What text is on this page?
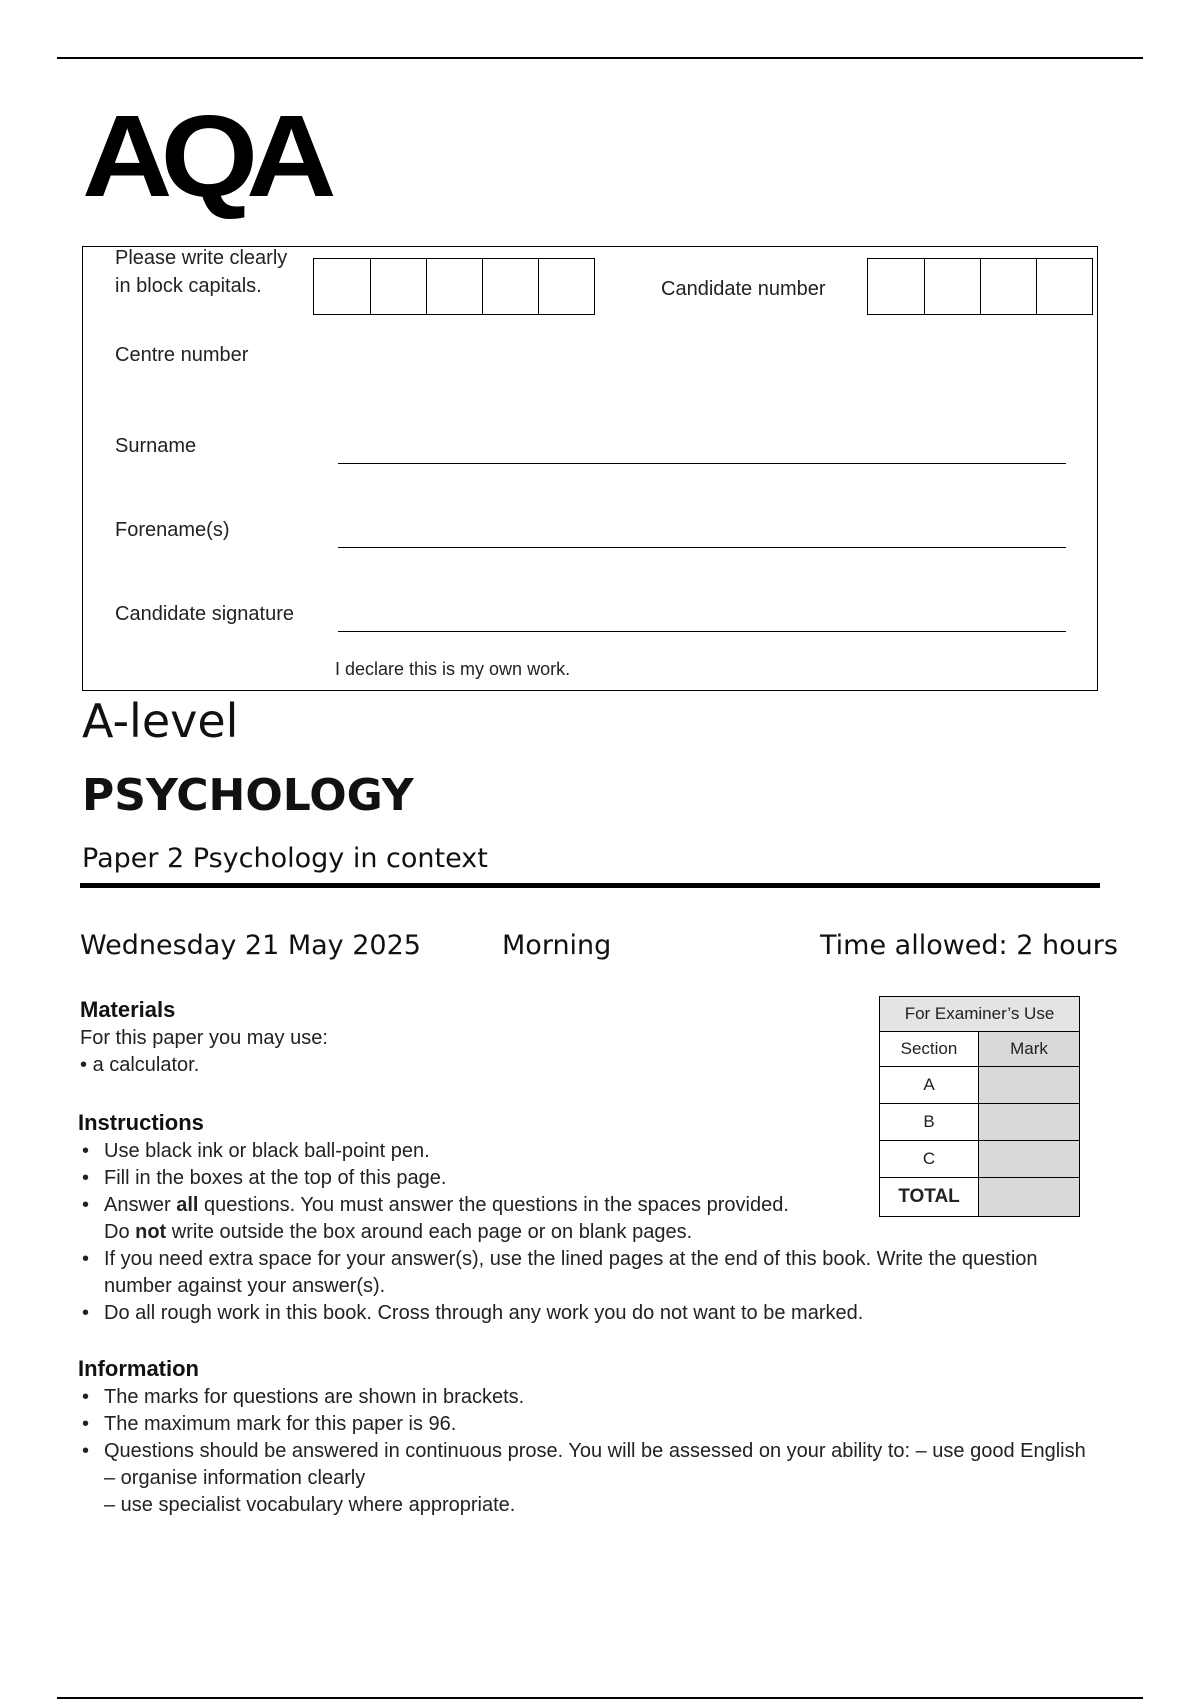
AQA
Please write clearly
in block capitals.	Candidate number
Centre number
Surname
Forename(s)
Candidate signature
I declare this is my own work.
A-level
PSYCHOLOGY
Paper 2 Psychology in context
Wednesday 21 May 2025	Morning	Time allowed: 2 hours
Materials
For this paper you may use:
• a calculator.
Instructions
• Use black ink or black ball-point pen.
• Fill in the boxes at the top of this page.
• Answer all questions. You must answer the questions in the spaces provided.
Do not write outside the box around each page or on blank pages.
• If you need extra space for your answer(s), use the lined pages at the end of this book. Write the question number against your answer(s).
• Do all rough work in this book. Cross through any work you do not want to be marked.
Information
• The marks for questions are shown in brackets.
• The maximum mark for this paper is 96.
• Questions should be answered in continuous prose. You will be assessed on your ability to: – use good English
– organise information clearly
– use specialist vocabulary where appropriate.
For Examiner’s Use	
Section	Mark
A	
B	
C	
TOTAL	
